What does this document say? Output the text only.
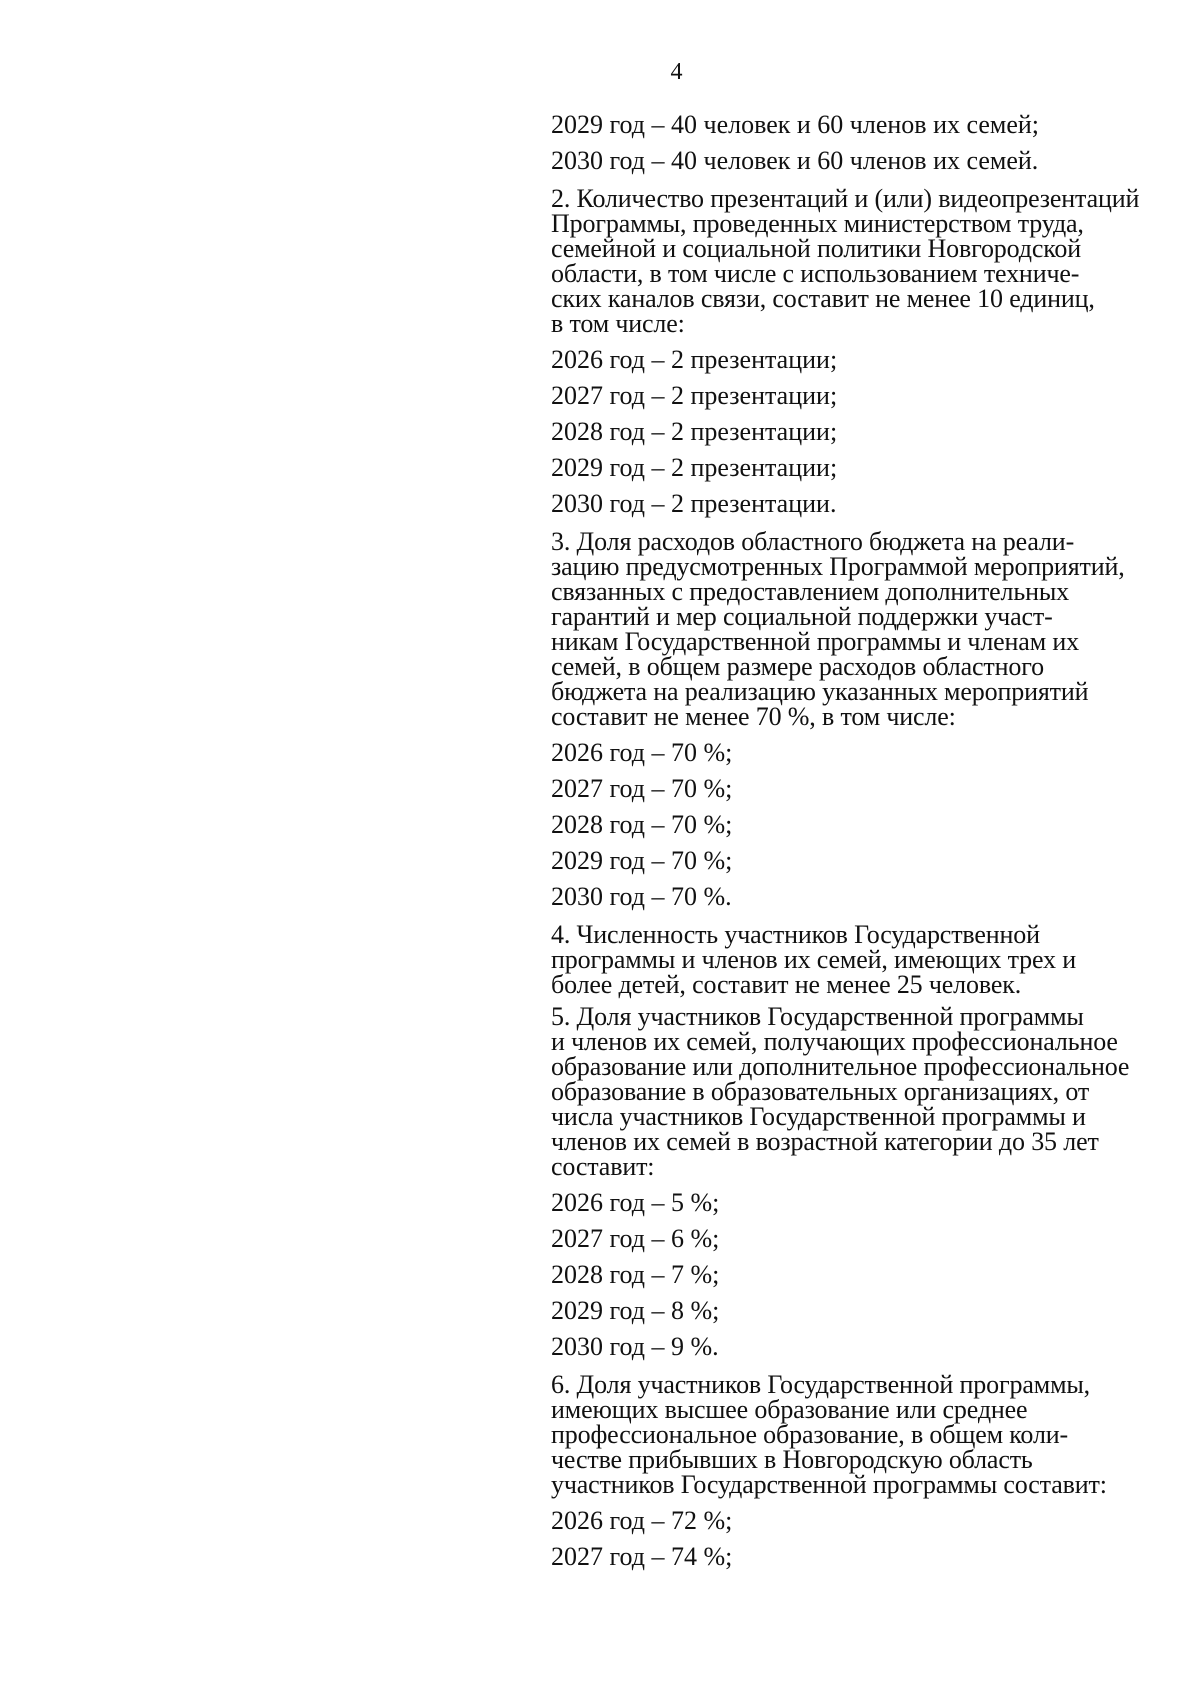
4
2029 год – 40 человек и 60 членов их семей;
2030 год – 40 человек и 60 членов их семей.
2. Количество презентаций и (или) видеопрезентаций
Программы, проведенных министерством труда,
семейной и социальной политики Новгородской
области, в том числе с использованием техниче-
ских каналов связи, составит не менее 10 единиц,
в том числе:
2026 год – 2 презентации;
2027 год – 2 презентации;
2028 год – 2 презентации;
2029 год – 2 презентации;
2030 год – 2 презентации.
3. Доля расходов областного бюджета на реали-
зацию предусмотренных Программой мероприятий,
связанных с предоставлением дополнительных
гарантий и мер социальной поддержки участ-
никам Государственной программы и членам их
семей, в общем размере расходов областного
бюджета на реализацию указанных мероприятий
составит не менее 70 %, в том числе:
2026 год – 70 %;
2027 год – 70 %;
2028 год – 70 %;
2029 год – 70 %;
2030 год – 70 %.
4. Численность участников Государственной
программы и членов их семей, имеющих трех и
более детей, составит не менее 25 человек.
5. Доля участников Государственной программы
и членов их семей, получающих профессиональное
образование или дополнительное профессиональное
образование в образовательных организациях, от
числа участников Государственной программы и
членов их семей в возрастной категории до 35 лет
составит:
2026 год – 5 %;
2027 год – 6 %;
2028 год – 7 %;
2029 год – 8 %;
2030 год – 9 %.
6. Доля участников Государственной программы,
имеющих высшее образование или среднее
профессиональное образование, в общем коли-
честве прибывших в Новгородскую область
участников Государственной программы составит:
2026 год – 72 %;
2027 год – 74 %;
